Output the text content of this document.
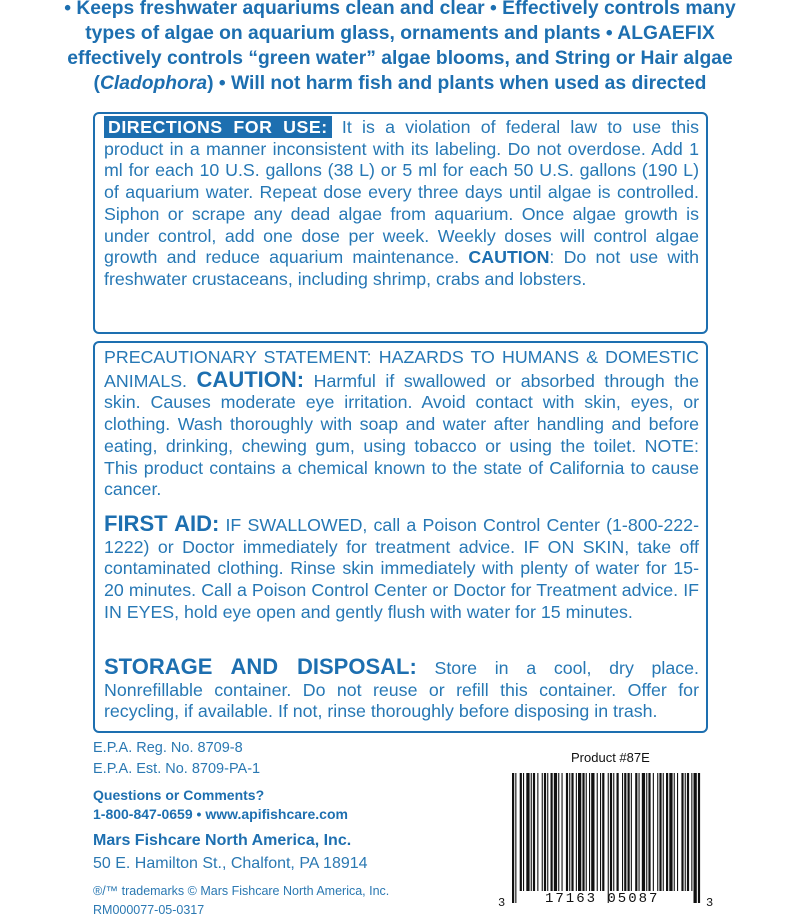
• Keeps freshwater aquariums clean and clear • Effectively controls many
types of algae on aquarium glass, ornaments and plants • ALGAEFIX
effectively controls “green water” algae blooms, and String or Hair algae
(Cladophora) • Will not harm fish and plants when used as directed
DIRECTIONS FOR USE: It is a violation of federal law to use this product in a manner inconsistent with its labeling. Do not overdose. Add 1 ml for each 10 U.S. gallons (38 L) or 5 ml for each 50 U.S. gallons (190 L) of aquarium water. Repeat dose every three days until algae is controlled. Siphon or scrape any dead algae from aquarium. Once algae growth is under control, add one dose per week. Weekly doses will control algae growth and reduce aquarium maintenance. CAUTION: Do not use with freshwater crustaceans, including shrimp, crabs and lobsters.
PRECAUTIONARY STATEMENT: HAZARDS TO HUMANS & DOMESTIC ANIMALS. CAUTION: Harmful if swallowed or absorbed through the skin. Causes moderate eye irritation. Avoid contact with skin, eyes, or clothing. Wash thoroughly with soap and water after handling and before eating, drinking, chewing gum, using tobacco or using the toilet. NOTE: This product contains a chemical known to the state of California to cause cancer.
FIRST AID: IF SWALLOWED, call a Poison Control Center (1-800-222-1222) or Doctor immediately for treatment advice. IF ON SKIN, take off contaminated clothing. Rinse skin immediately with plenty of water for 15-20 minutes. Call a Poison Control Center or Doctor for Treatment advice. IF IN EYES, hold eye open and gently flush with water for 15 minutes.
STORAGE AND DISPOSAL: Store in a cool, dry place. Nonrefillable container. Do not reuse or refill this container. Offer for recycling, if available. If not, rinse thoroughly before disposing in trash.
E.P.A. Reg. No. 8709-8
E.P.A. Est. No. 8709-PA-1
Questions or Comments?
1-800-847-0659 • www.apifishcare.com
Mars Fishcare North America, Inc.
50 E. Hamilton St., Chalfont, PA 18914
®/™ trademarks © Mars Fishcare North America, Inc.
RM000077-05-0317
Product #87E
3	17163 05087	3
